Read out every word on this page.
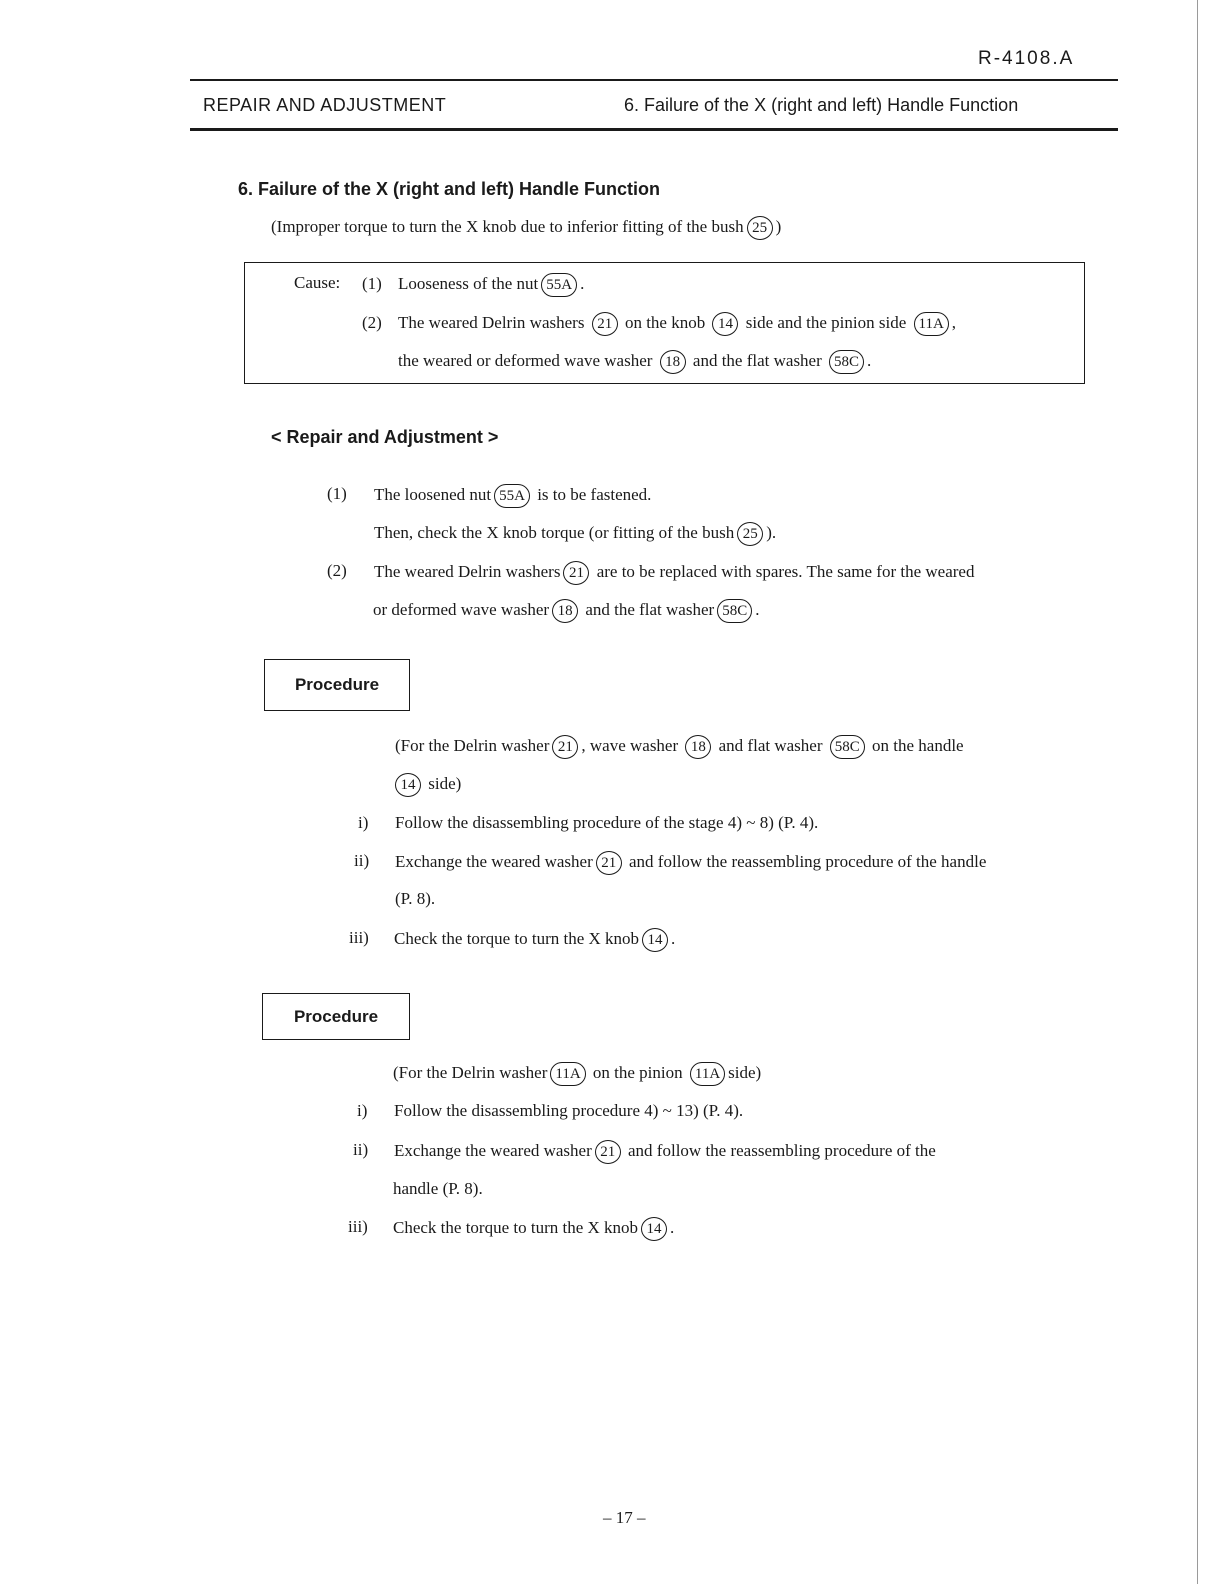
R-4108.A
REPAIR AND ADJUSTMENT	6. Failure of the X (right and left) Handle Function
6. Failure of the X (right and left) Handle Function
(Improper torque to turn the X knob due to inferior fitting of the bush 25 )
Cause: (1) Looseness of the nut 55A .
(2) The weared Delrin washers 21 on the knob 14 side and the pinion side 11A ,
the weared or deformed wave washer 18 and the flat washer 58C .
< Repair and Adjustment >
(1) The loosened nut 55A is to be fastened.
Then, check the X knob torque (or fitting of the bush 25 ).
(2) The weared Delrin washers 21 are to be replaced with spares. The same for the weared
or deformed wave washer 18 and the flat washer 58C .
Procedure
(For the Delrin washer 21 , wave washer 18 and flat washer 58C on the handle
14 side)
i) Follow the disassembling procedure of the stage 4) ~ 8) (P. 4).
ii) Exchange the weared washer 21 and follow the reassembling procedure of the handle
(P. 8).
iii) Check the torque to turn the X knob 14 .
Procedure
(For the Delrin washer 11A on the pinion 11A side)
i) Follow the disassembling procedure 4) ~ 13) (P. 4).
ii) Exchange the weared washer 21 and follow the reassembling procedure of the
handle (P. 8).
iii) Check the torque to turn the X knob 14 .
– 17 –
